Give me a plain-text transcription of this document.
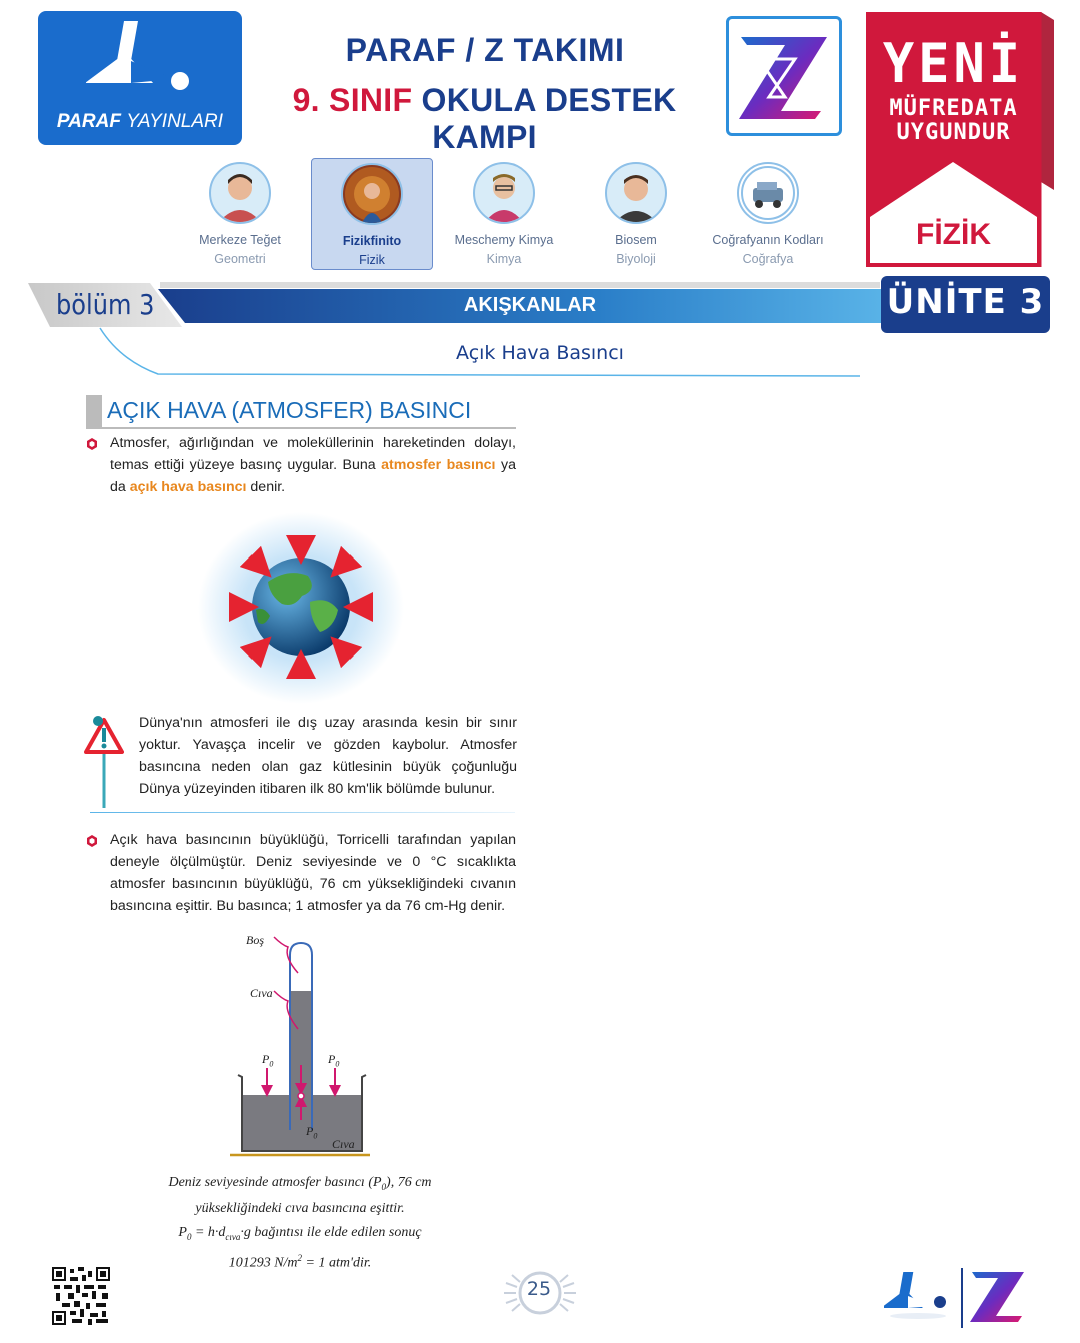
PARAF YAYINLARI
PARAF / Z TAKIMI
9. SINIF OKULA DESTEK KAMPI
YENİ
MÜFREDATA
UYGUNDUR
FİZİK
Merkeze Teğet
Geometri
Fizikfinito
Fizik
Meschemy Kimya
Kimya
Biosem
Biyoloji
Coğrafyanın Kodları
Coğrafya
bölüm 3	AKIŞKANLAR	ÜNİTE 3
Açık Hava Basıncı
AÇIK HAVA (ATMOSFER) BASINCI
Atmosfer, ağırlığından ve moleküllerinin hareketinden dolayı, temas ettiği yüzeye basınç uygular. Buna atmosfer basıncı ya da açık hava basıncı denir.
Dünya'nın atmosferi ile dış uzay arasında kesin bir sınır yoktur. Yavaşça incelir ve gözden kaybolur. Atmosfer basıncına neden olan gaz kütlesinin büyük çoğunluğu Dünya yüzeyinden itibaren ilk 80 km'lik bölümde bulunur.
Açık hava basıncının büyüklüğü, Torricelli tarafından yapılan deneyle ölçülmüştür. Deniz seviyesinde ve 0 °C sıcaklıkta atmosfer basıncının büyüklüğü, 76 cm yüksekliğindeki cıvanın basıncına eşittir. Bu basınca; 1 atmosfer ya da 76 cm-Hg denir.
Boş
Cıva
$P_0$	$P_0$
$P_0$
Cıva
Deniz seviyesinde atmosfer basıncı $(P_0)$, 76 cm
yüksekliğindeki cıva basıncına eşittir.
$P_0 = h\cdot d_{cıva}\cdot g$ bağıntısı ile elde edilen sonuç
101293 $N/m^2 = 1$ atm'dir.
25
